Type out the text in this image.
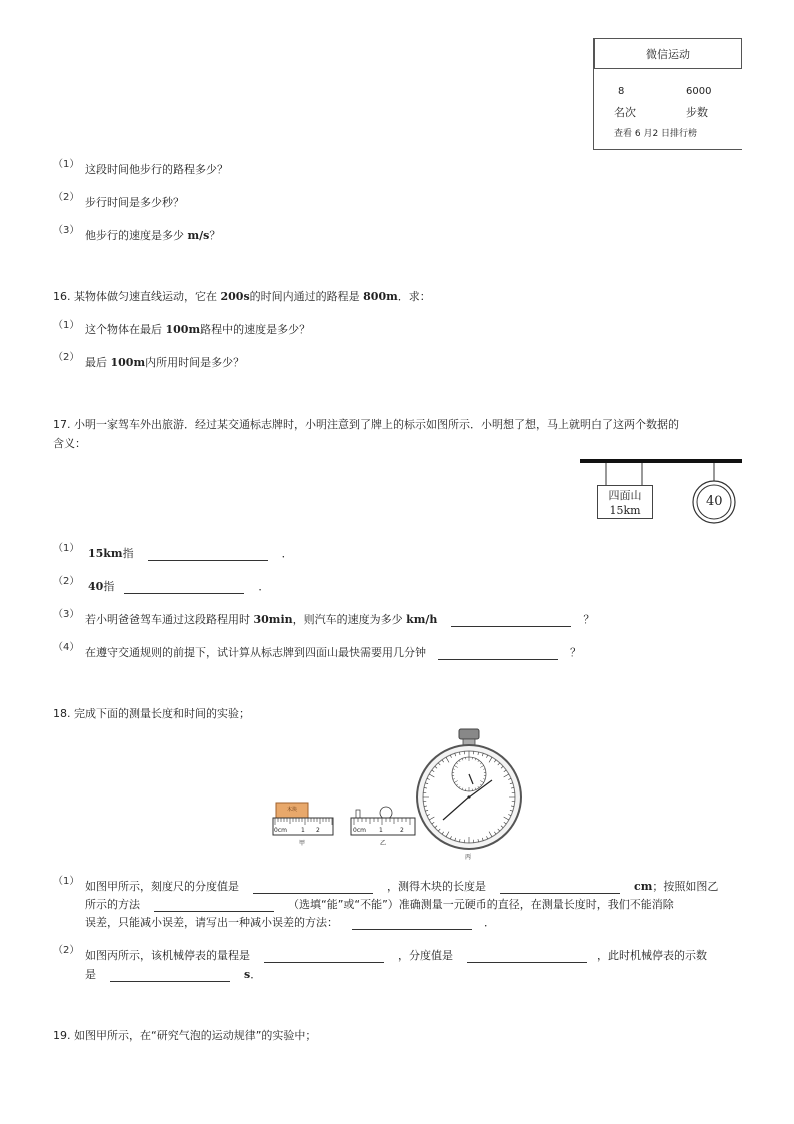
微信运动
8	6000
名次	步数
查看 6 月2 日排行榜
（1） 这段时间他步行的路程多少？
（2） 步行时间是多少秒？
（3） 他步行的速度是多少 m/s？
16. 某物体做匀速直线运动，它在 200s的时间内通过的路程是 800m．求：
（1） 这个物体在最后 100m路程中的速度是多少？
（2） 最后 100m内所用时间是多少？
17. 小明一家驾车外出旅游．经过某交通标志牌时，小明注意到了牌上的标示如图所示．小明想了想，马上就明白了这两个数据的
含义：
四面山
15km
40
（1） 15km指	．
（2） 40指	．
（3） 若小明爸爸驾车通过这段路程用时 30min，则汽车的速度为多少 km/h	？
（4） 在遵守交通规则的前提下，试计算从标志牌到四面山最快需要用几分钟	？
18. 完成下面的测量长度和时间的实验；
木块
0cm 1 2
甲
0cm 1	2
乙
丙
（1） 如图甲所示，刻度尺的分度值是	，测得木块的长度是	cm；按照如图乙
所示的方法	（选填“能”或“不能”）准确测量一元硬币的直径，在测量长度时，我们不能消除
误差，只能减小误差，请写出一种减小误差的方法：	．
（2） 如图丙所示，该机械停表的量程是	，分度值是	，此时机械停表的示数
是	s．
19. 如图甲所示，在“研究气泡的运动规律”的实验中；
